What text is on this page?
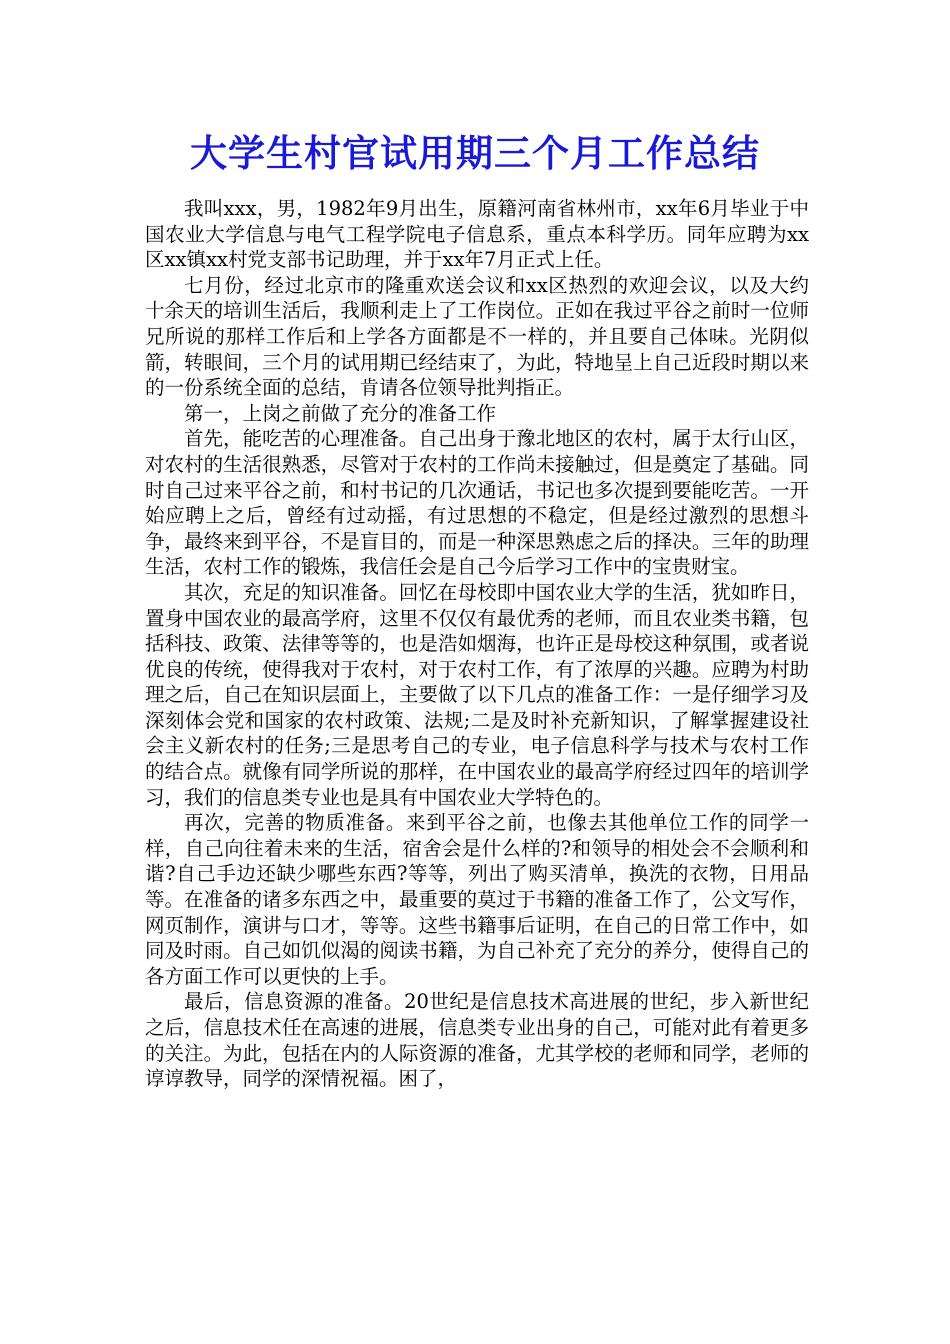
大学生村官试用期三个月工作总结

我叫xxx，男，1982年9月出生，原籍河南省林州市，xx年6月毕业于中国农业大学信息与电气工程学院电子信息系，重点本科学历。同年应聘为xx区xx镇xx村党支部书记助理，并于xx年7月正式上任。

七月份，经过北京市的隆重欢送会议和xx区热烈的欢迎会议，以及大约十余天的培训生活后，我顺利走上了工作岗位。正如在我过平谷之前时一位师兄所说的那样工作后和上学各方面都是不一样的，并且要自己体味。光阴似箭，转眼间，三个月的试用期已经结束了，为此，特地呈上自己近段时期以来的一份系统全面的总结，肯请各位领导批判指正。

第一，上岗之前做了充分的准备工作

首先，能吃苦的心理准备。自己出身于豫北地区的农村，属于太行山区，对农村的生活很熟悉，尽管对于农村的工作尚未接触过，但是奠定了基础。同时自己过来平谷之前，和村书记的几次通话，书记也多次提到要能吃苦。一开始应聘上之后，曾经有过动摇，有过思想的不稳定，但是经过激烈的思想斗争，最终来到平谷，不是盲目的，而是一种深思熟虑之后的择决。三年的助理生活，农村工作的锻炼，我信任会是自己今后学习工作中的宝贵财宝。

其次，充足的知识准备。回忆在母校即中国农业大学的生活，犹如昨日，置身中国农业的最高学府，这里不仅仅有最优秀的老师，而且农业类书籍，包括科技、政策、法律等等的，也是浩如烟海，也许正是母校这种氛围，或者说优良的传统，使得我对于农村，对于农村工作，有了浓厚的兴趣。应聘为村助理之后，自己在知识层面上，主要做了以下几点的准备工作：一是仔细学习及深刻体会党和国家的农村政策、法规;二是及时补充新知识，了解掌握建设社会主义新农村的任务;三是思考自己的专业，电子信息科学与技术与农村工作的结合点。就像有同学所说的那样，在中国农业的最高学府经过四年的培训学习，我们的信息类专业也是具有中国农业大学特色的。

再次，完善的物质准备。来到平谷之前，也像去其他单位工作的同学一样，自己向往着未来的生活，宿舍会是什么样的?和领导的相处会不会顺利和谐?自己手边还缺少哪些东西?等等，列出了购买清单，换洗的衣物，日用品等。在准备的诸多东西之中，最重要的莫过于书籍的准备工作了，公文写作，网页制作，演讲与口才，等等。这些书籍事后证明，在自己的日常工作中，如同及时雨。自己如饥似渴的阅读书籍，为自己补充了充分的养分，使得自己的各方面工作可以更快的上手。

最后，信息资源的准备。20世纪是信息技术高进展的世纪，步入新世纪之后，信息技术任在高速的进展，信息类专业出身的自己，可能对此有着更多的关注。为此，包括在内的人际资源的准备，尤其学校的老师和同学，老师的谆谆教导，同学的深情祝福。困了，
